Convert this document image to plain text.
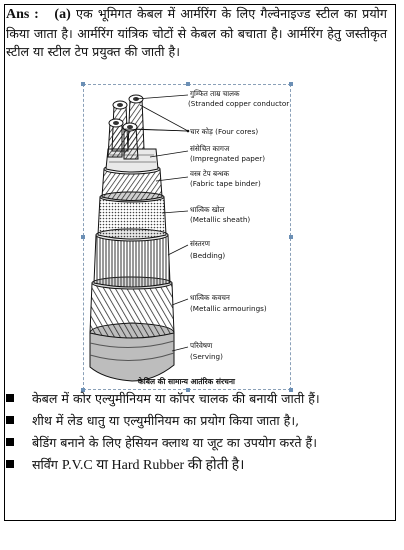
Ans : (a) एक भूमिगत केबल में आर्मरिंग के लिए गैल्वेनाइज्ड स्टील का प्रयोग किया जाता है। आर्मरिंग यांत्रिक चोटों से केबल को बचाता है। आर्मरिंग हेतु जस्तीकृत स्टील या स्टील टेप प्रयुक्त की जाती है।
गुम्फित ताम्र चालक
(Stranded copper conductor)
चार कोड़ (Four cores)
संसेचित कागज
(Impregnated paper)
वस्त्र टेप बन्धक
(Fabric tape binder)
धात्विक खोल
(Metallic sheath)
संस्तरण
(Bedding)
धात्विक कवचन
(Metallic armourings)
परिवेषण
(Serving)
केबिल की सामान्य आतंरिक संरचना
केबल में कोर एल्युमीनियम या कॉपर चालक की बनायी जाती हैं।
शीथ में लेड धातु या एल्युमीनियम का प्रयोग किया जाता है।,
बेडिंग बनाने के लिए हेसियन क्लाथ या जूट का उपयोग करते हैं।
सर्विंग P.V.C या Hard Rubber की होती है।
